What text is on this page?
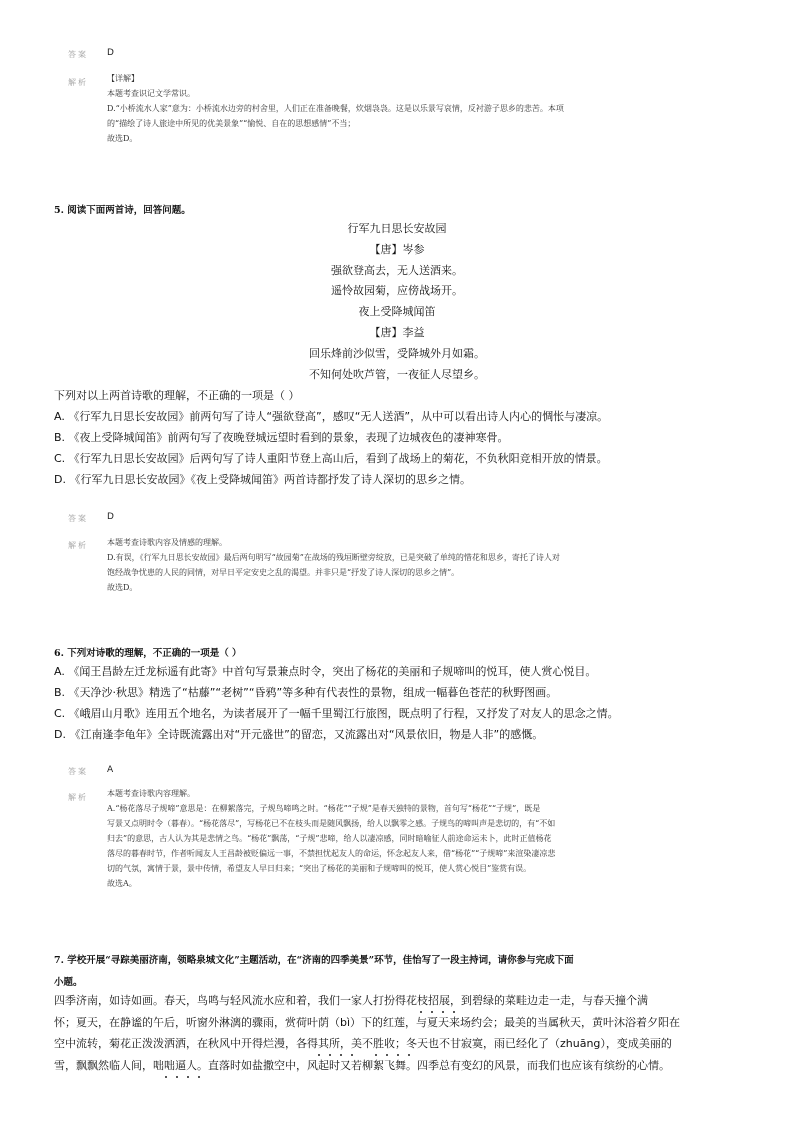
答案 D
解析 【详解】
本题考查识记文学常识。
D.“小桥流水人家”意为：小桥流水边旁的村舍里，人们正在准备晚餐，炊烟袅袅。这是以乐景写哀情，反衬游子思乡的悲苦。本项
的“描绘了诗人旅途中所见的优美景象”“愉悦、自在的思想感情”不当；
故选D。
5. 阅读下面两首诗，回答问题。
行军九日思长安故园
【唐】岑参
强欲登高去，无人送酒来。
遥怜故园菊，应傍战场开。
夜上受降城闻笛
【唐】李益
回乐烽前沙似雪，受降城外月如霜。
不知何处吹芦管，一夜征人尽望乡。
下列对以上两首诗歌的理解，不正确的一项是（ ）
A. 《行军九日思长安故园》前两句写了诗人“强欲登高”，感叹“无人送酒”，从中可以看出诗人内心的惆怅与凄凉。
B. 《夜上受降城闻笛》前两句写了夜晚登城远望时看到的景象，表现了边城夜色的凄神寒骨。
C. 《行军九日思长安故园》后两句写了诗人重阳节登上高山后，看到了战场上的菊花，不负秋阳竞相开放的情景。
D. 《行军九日思长安故园》《夜上受降城闻笛》两首诗都抒发了诗人深切的思乡之情。
答案 D
解析 本题考查诗歌内容及情感的理解。
D.有误，《行军九日思长安故园》最后两句明写“故园菊”在战场的残垣断壁旁绽放，已是突破了单纯的惜花和思乡，寄托了诗人对
饱经战争忧患的人民的同情，对早日平定安史之乱的渴望。并非只是“抒发了诗人深切的思乡之情”。
故选D。
6. 下列对诗歌的理解，不正确的一项是（ ）
A. 《闻王昌龄左迁龙标遥有此寄》中首句写景兼点时令，突出了杨花的美丽和子规啼叫的悦耳，使人赏心悦目。
B. 《天净沙·秋思》精选了“枯藤”“老树”“昏鸦”等多种有代表性的景物，组成一幅暮色苍茫的秋野图画。
C. 《峨眉山月歌》连用五个地名，为读者展开了一幅千里蜀江行旅图，既点明了行程，又抒发了对友人的思念之情。
D. 《江南逢李龟年》全诗既流露出对“开元盛世”的留恋，又流露出对“风景依旧，物是人非”的感慨。
答案 A
解析 本题考查诗歌内容理解。
A.“杨花落尽子规啼”意思是：在柳絮落完，子规鸟啼鸣之时。“杨花”“子规”是春天独特的景物，首句写“杨花”“子规”，既是
写景又点明时令（暮春）。“杨花落尽”，写杨花已不在枝头而是随风飘扬，给人以飘零之感。子规鸟的啼叫声是悲切的，有“不如
归去”的意思，古人认为其是悲情之鸟。“杨花”飘荡，“子规”悲啼，给人以凄凉感，同时暗喻征人前途命运未卜，此时正值杨花
落尽的暮春时节，作者听闻友人王昌龄被贬偏远一事，不禁担忧起友人的命运，怀念起友人来，借“杨花”“子规啼”来渲染凄凉悲
切的气氛，寓情于景，景中传情，希望友人早日归来；“突出了杨花的美丽和子规啼叫的悦耳，使人赏心悦目”鉴赏有误。
故选A。
7. 学校开展“寻踪美丽济南，领略泉城文化”主题活动，在“济南的四季美景”环节，佳怡写了一段主持词，请你参与完成下面
小题。
四季济南，如诗如画。春天，鸟鸣与轻风流水应和着，我们一家人打扮得花枝招展，到碧绿的菜畦边走一走，与春天撞个满
怀；夏天，在静谧的午后，听窗外淋漓的骤雨，赏荷叶荫（bì）下的红莲，与夏天来场约会；最美的当属秋天，黄叶沐浴着夕阳在
空中流转，菊花正泼泼洒洒，在秋风中开得烂漫，各得其所，美不胜收；冬天也不甘寂寞，雨已经化了（zhuāng），变成美丽的
雪，飘飘然临人间，咄咄逼人。直落时如盐撒空中，风起时又若柳絮飞舞。四季总有变幻的风景，而我们也应该有缤纷的心情。
